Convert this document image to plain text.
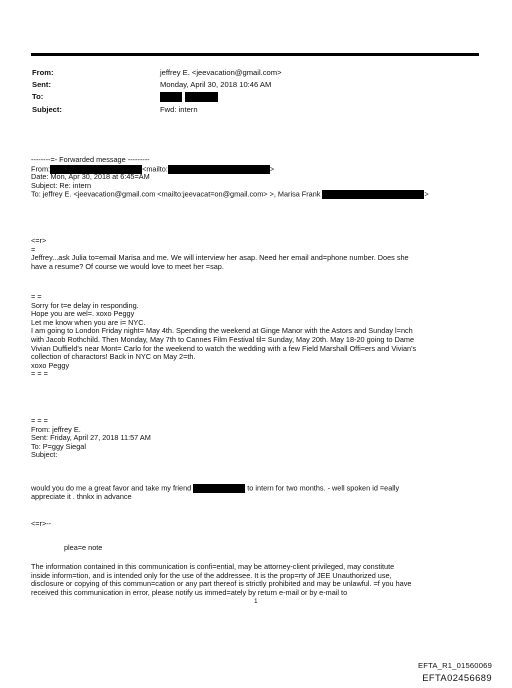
From:	jeffrey E. <jeevacation@gmail.com>
Sent:	Monday, April 30, 2018 10:46 AM
To:

Subject:	Fwd: intern
--------=- Forwarded message ---------
From:	<mailto:	>
Date: Mon, Apr 30, 2018 at 6:45=AM
Subject: Re: intern
To: jeffrey E. <jeevacation@gmail.com <mailto:jeevacat=on@gmail.com> >, Marisa Frank	>
<=r>
=
Jeffrey...ask Julia to=email Marisa and me. We will interview her asap. Need her email and=phone number. Does she
have a resume? Of course we would love to meet her =sap.
= =
Sorry for t=e delay in responding.
Hope you are wel=. xoxo Peggy
Let me know when you are i= NYC.
I am going to London Friday night= May 4th. Spending the weekend at Ginge Manor with the Astors and Sunday l=nch
with Jacob Rothchild. Then Monday, May 7th to Cannes Film Festival til= Sunday, May 20th. May 18-20 going to Dame
Vivian Duffield's near Mont= Carlo for the weekend to watch the wedding with a few Field Marshall Offi=ers and Vivian's
collection of charactors! Back in NYC on May 2=th.
xoxo Peggy
= = =
= = =
From: jeffrey E.
Sent: Friday, April 27, 2018 11:57 AM
To: P=ggy Siegal
Subject:
would you do me a great favor and take my friend	to intern for two months. - well spoken id =eally
appreciate it . thnkx in advance
<=r>--
plea=e note
The information contained in this communication is confi=ential, may be attorney-client privileged, may constitute
inside inform=tion, and is intended only for the use of the addressee. It is the prop=rty of JEE Unauthorized use,
disclosure or copying of this commun=cation or any part thereof is strictly prohibited and may be unlawful. =f you have
received this communication in error, please notify us immed=ately by return e-mail or by e-mail to
1
EFTA_R1_01560069
EFTA02456689
